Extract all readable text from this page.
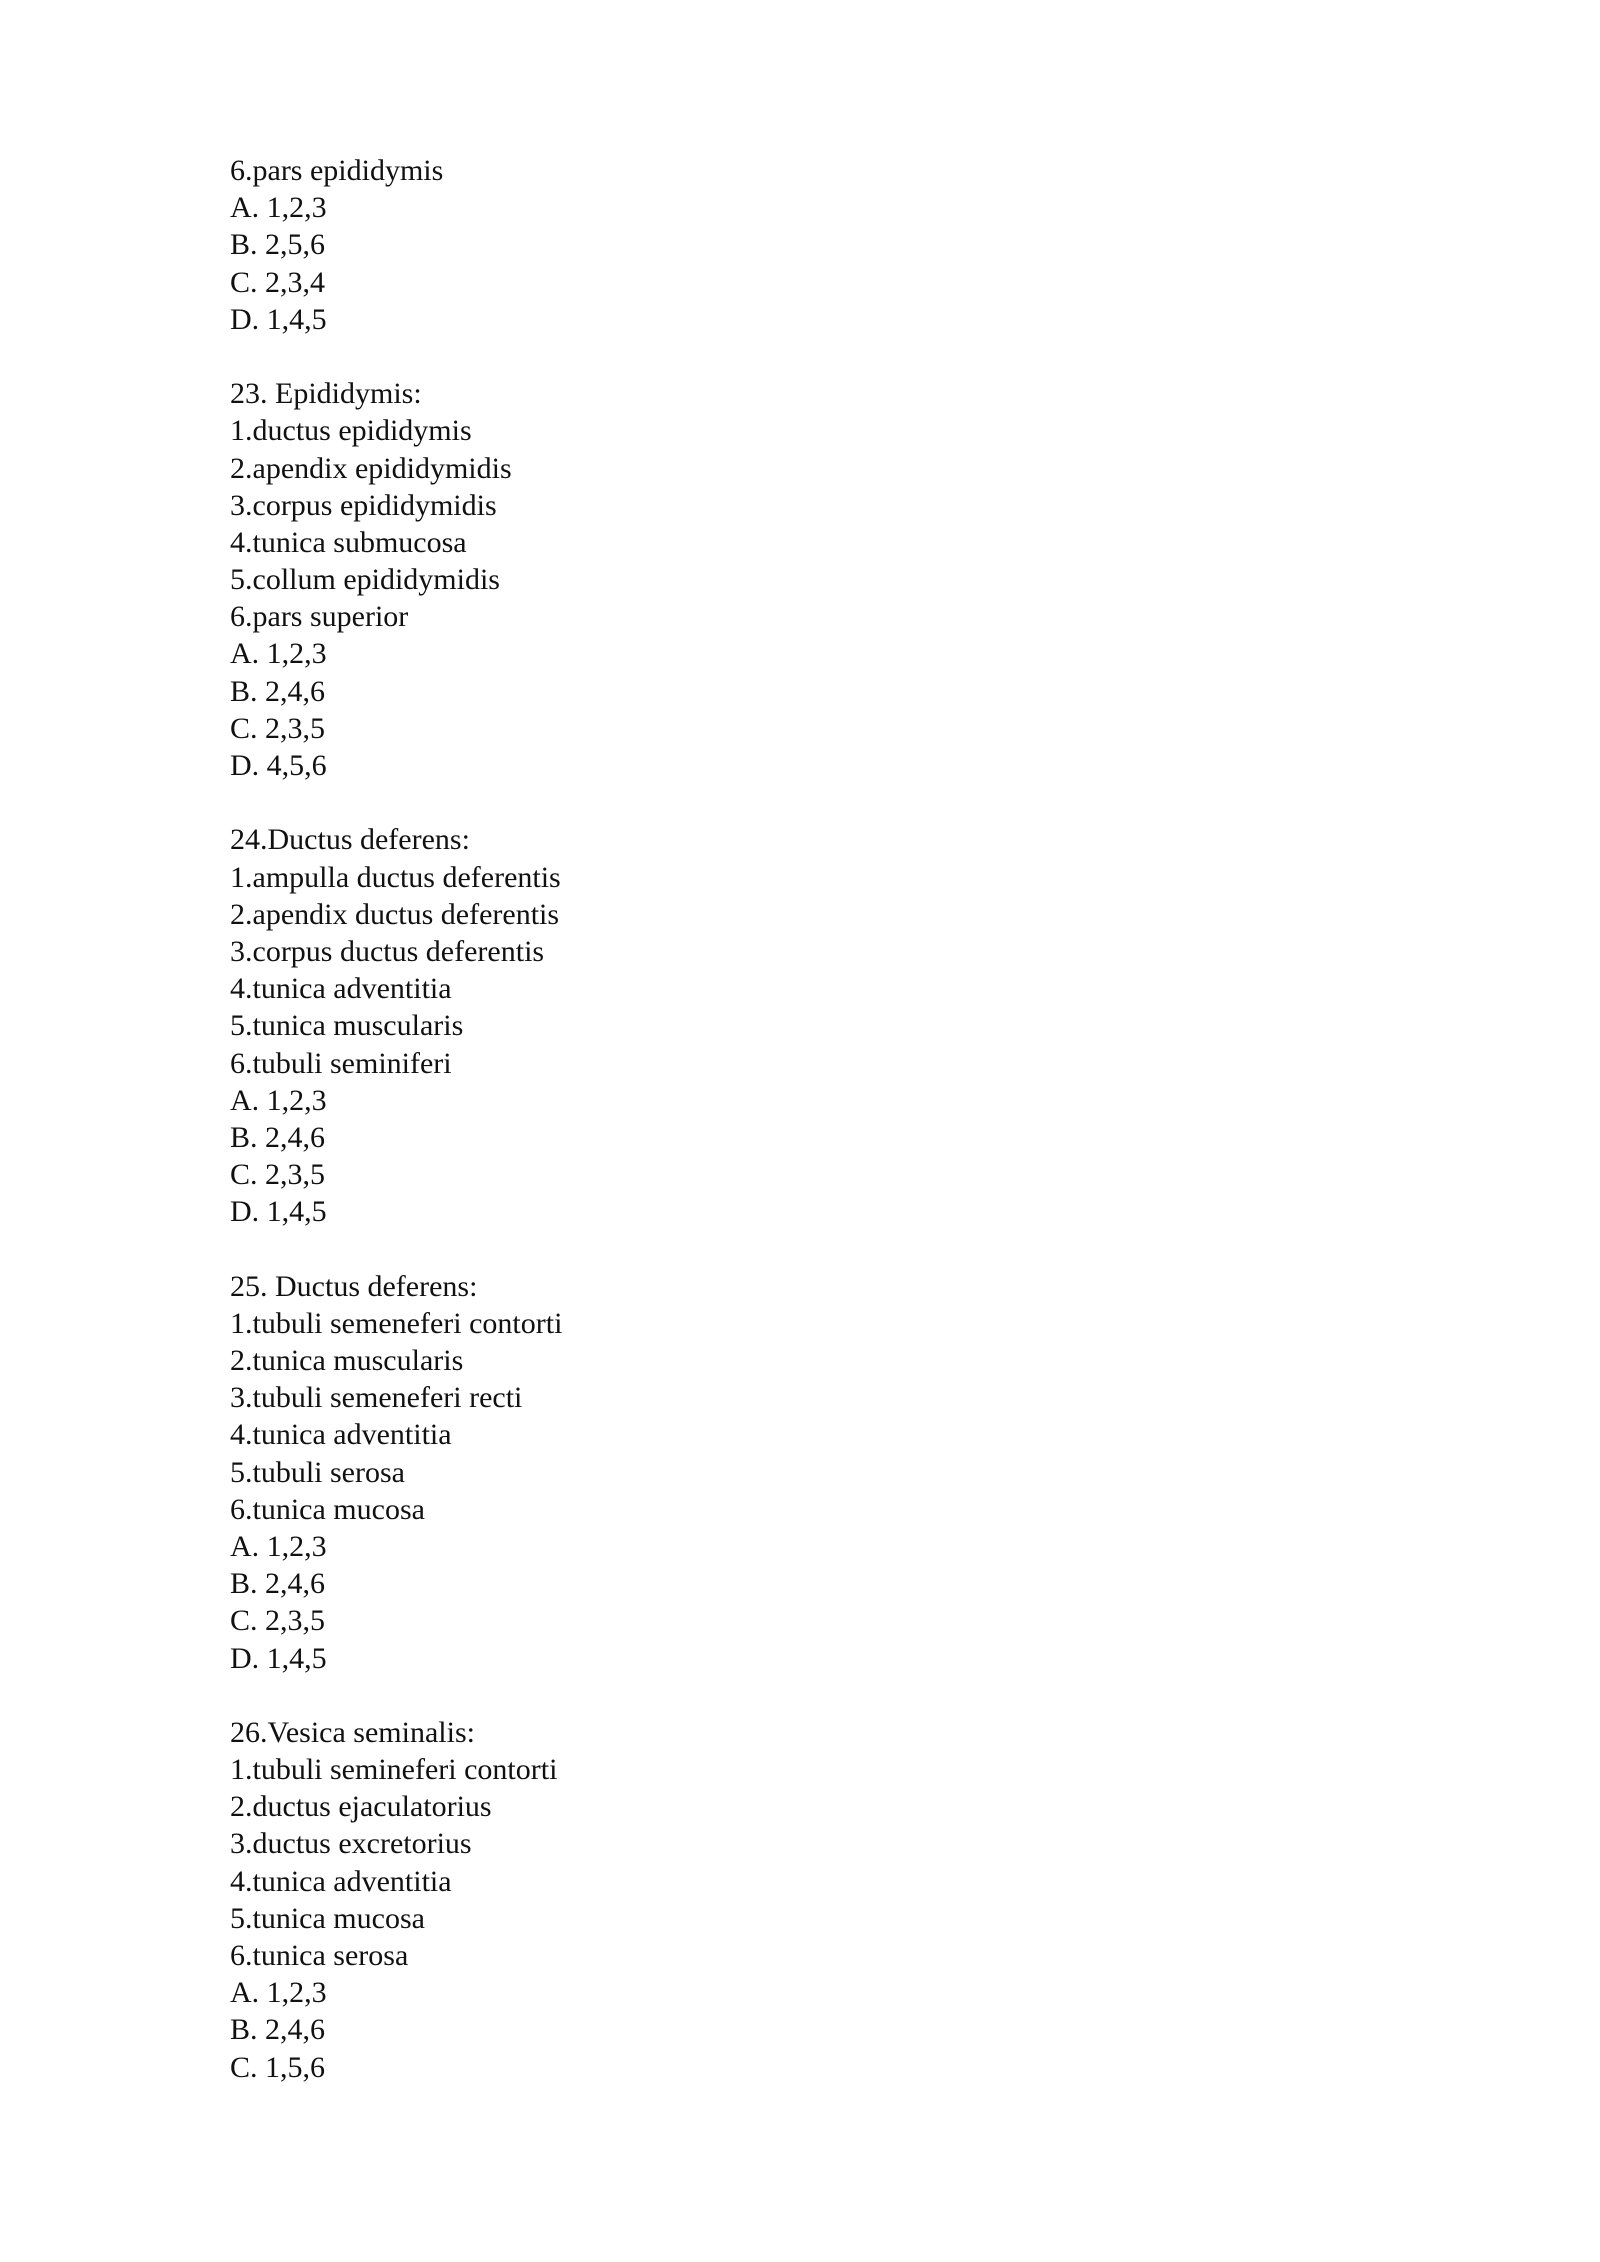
6.pars epididymis
A. 1,2,3
B. 2,5,6
C. 2,3,4
D. 1,4,5
23. Epididymis:
1.ductus epididymis
2.apendix epididymidis
3.corpus epididymidis
4.tunica submucosa
5.collum epididymidis
6.pars superior
A. 1,2,3
B. 2,4,6
C. 2,3,5
D. 4,5,6
24.Ductus deferens:
1.ampulla ductus deferentis
2.apendix ductus deferentis
3.corpus ductus deferentis
4.tunica adventitia
5.tunica muscularis
6.tubuli seminiferi
A. 1,2,3
B. 2,4,6
C. 2,3,5
D. 1,4,5
25. Ductus deferens:
1.tubuli semeneferi contorti
2.tunica muscularis
3.tubuli semeneferi recti
4.tunica adventitia
5.tubuli serosa
6.tunica mucosa
A. 1,2,3
B. 2,4,6
C. 2,3,5
D. 1,4,5
26.Vesica seminalis:
1.tubuli semineferi contorti
2.ductus ejaculatorius
3.ductus excretorius
4.tunica adventitia
5.tunica mucosa
6.tunica serosa
A. 1,2,3
B. 2,4,6
C. 1,5,6
